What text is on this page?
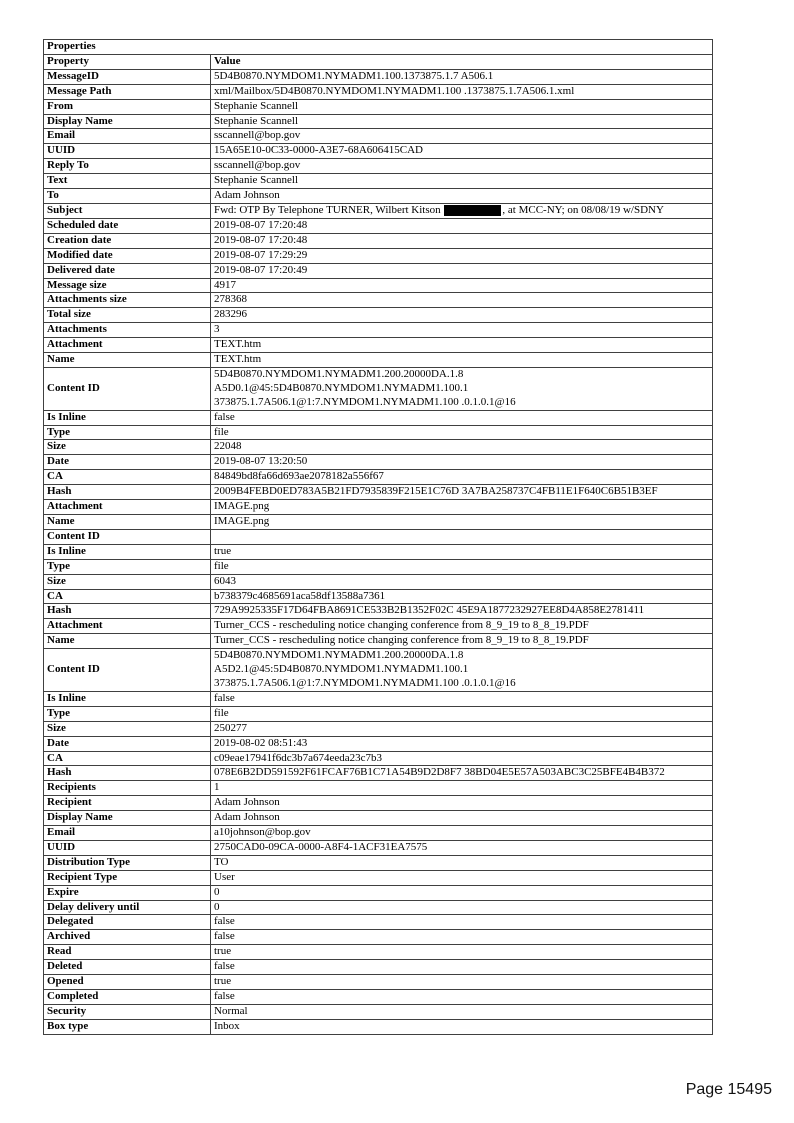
Properties	
Property	Value
MessageID	5D4B0870.NYMDOM1.NYMADM1.100.1373875.1.7 A506.1
Message Path	xml/Mailbox/5D4B0870.NYMDOM1.NYMADM1.100 .1373875.1.7A506.1.xml
From	Stephanie Scannell
Display Name	Stephanie Scannell
Email	sscannell@bop.gov
UUID	15A65E10-0C33-0000-A3E7-68A606415CAD
Reply To	sscannell@bop.gov
Text	Stephanie Scannell
To	Adam Johnson
Subject	Fwd: OTP By Telephone TURNER, Wilbert Kitson , at MCC-NY; on 08/08/19 w/SDNY
Scheduled date	2019-08-07 17:20:48
Creation date	2019-08-07 17:20:48
Modified date	2019-08-07 17:29:29
Delivered date	2019-08-07 17:20:49
Message size	4917
Attachments size	278368
Total size	283296
Attachments	3
Attachment	TEXT.htm
Name	TEXT.htm
Content ID	5D4B0870.NYMDOM1.NYMADM1.200.20000DA.1.8
A5D0.1@45:5D4B0870.NYMDOM1.NYMADM1.100.1
373875.1.7A506.1@1:7.NYMDOM1.NYMADM1.100 .0.1.0.1@16

Is Inline	false
Type	file
Size	22048
Date	2019-08-07 13:20:50
CA	84849bd8fa66d693ae2078182a556f67
Hash	2009B4FEBD0ED783A5B21FD7935839F215E1C76D 3A7BA258737C4FB11E1F640C6B51B3EF
Attachment	IMAGE.png
Name	IMAGE.png
Content ID	
Is Inline	true
Type	file
Size	6043
CA	b738379c4685691aca58df13588a7361
Hash	729A9925335F17D64FBA8691CE533B2B1352F02C 45E9A1877232927EE8D4A858E2781411
Attachment	Turner_CCS - rescheduling notice changing conference from 8_9_19 to 8_8_19.PDF
Name	Turner_CCS - rescheduling notice changing conference from 8_9_19 to 8_8_19.PDF
Content ID	5D4B0870.NYMDOM1.NYMADM1.200.20000DA.1.8
A5D2.1@45:5D4B0870.NYMDOM1.NYMADM1.100.1
373875.1.7A506.1@1:7.NYMDOM1.NYMADM1.100 .0.1.0.1@16

Is Inline	false
Type	file
Size	250277
Date	2019-08-02 08:51:43
CA	c09eae17941f6dc3b7a674eeda23c7b3
Hash	078E6B2DD591592F61FCAF76B1C71A54B9D2D8F7 38BD04E5E57A503ABC3C25BFE4B4B372
Recipients	1
Recipient	Adam Johnson
Display Name	Adam Johnson
Email	a10johnson@bop.gov
UUID	2750CAD0-09CA-0000-A8F4-1ACF31EA7575
Distribution Type	TO
Recipient Type	User
Expire	0
Delay delivery until	0
Delegated	false
Archived	false
Read	true
Deleted	false
Opened	true
Completed	false
Security	Normal
Box type	Inbox
Page 15495
